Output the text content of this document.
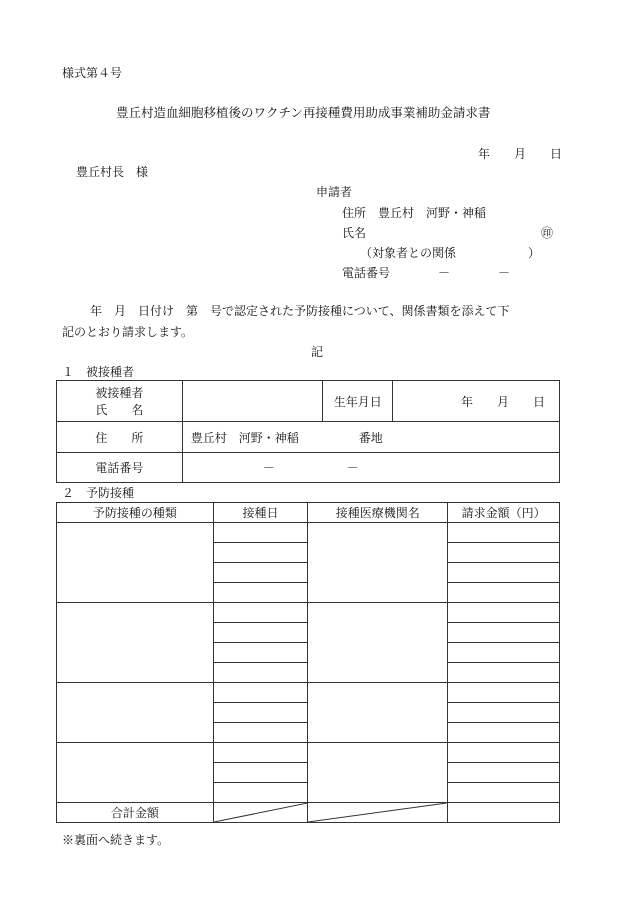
様式第４号
豊丘村造血細胞移植後のワクチン再接種費用助成事業補助金請求書
年　　月　　日
豊丘村長　様
申請者
住所　豊丘村　河野・神稲
氏名	㊞
（対象者との関係　　　　　　）
電話番号　　　　－　　　　－
年　月　日付け　第　号で認定された予防接種について、関係書類を添えて下
記のとおり請求します。
記
１　被接種者
被接種者
氏　　名		生年月日	年　　月　　日
住　　所	豊丘村　河野・神稲　　　　　番地		
電話番号	－　　　　　　－		
２　予防接種
予防接種の種類	接種日	接種医療機関名	請求金額（円）

合計金額	

※裏面へ続きます。
